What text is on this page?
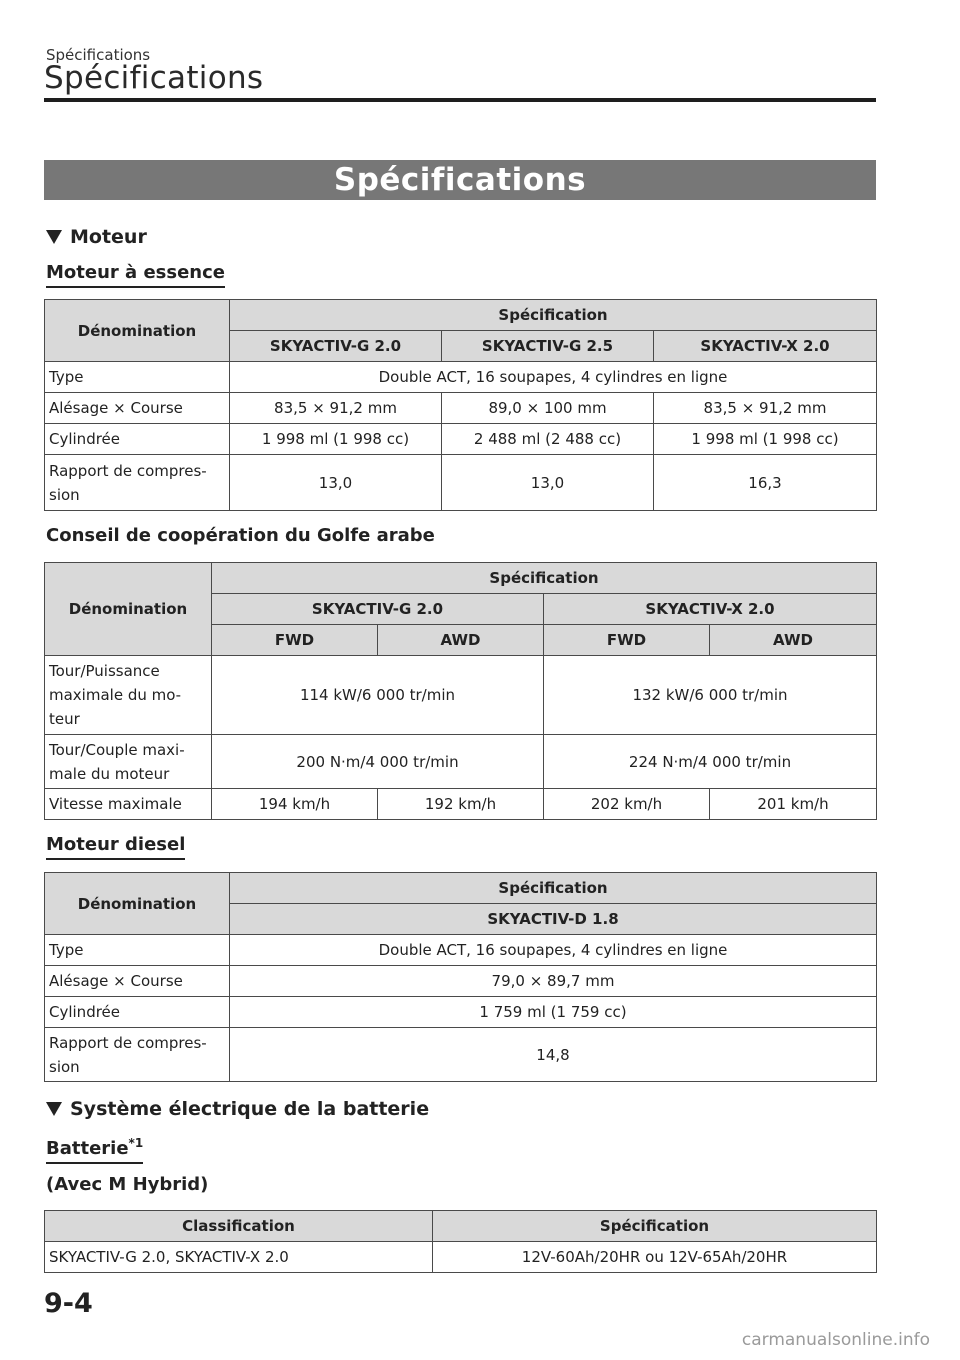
Spécifications
Spécifications
Spécifications
Moteur
Moteur à essence
Dénomination	Spécification		
	SKYACTIV-G 2.0	SKYACTIV-G 2.5	SKYACTIV-X 2.0
Type	Double ACT, 16 soupapes, 4 cylindres en ligne		
Alésage × Course	83,5 × 91,2 mm	89,0 × 100 mm	83,5 × 91,2 mm
Cylindrée	1 998 ml (1 998 cc)	2 488 ml (2 488 cc)	1 998 ml (1 998 cc)
Rapport de compres-sion	13,0	13,0	16,3
Conseil de coopération du Golfe arabe
Dénomination	Spécification			
	SKYACTIV-G 2.0		SKYACTIV-X 2.0	
	FWD	AWD	FWD	AWD
Tour/Puissance maximale du mo-teur	114 kW/6 000 tr/min		132 kW/6 000 tr/min	
Tour/Couple maxi-male du moteur	200 N·m/4 000 tr/min		224 N·m/4 000 tr/min	
Vitesse maximale	194 km/h	192 km/h	202 km/h	201 km/h
Moteur diesel
Dénomination	Spécification
	SKYACTIV-D 1.8
Type	Double ACT, 16 soupapes, 4 cylindres en ligne
Alésage × Course	79,0 × 89,7 mm
Cylindrée	1 759 ml (1 759 cc)
Rapport de compres-sion	14,8
Système électrique de la batterie
Batterie$^{*1}$
(Avec M Hybrid)
Classification	Spécification
SKYACTIV-G 2.0, SKYACTIV-X 2.0	12V-60Ah/20HR ou 12V-65Ah/20HR
9-4
carmanualsonline.info
